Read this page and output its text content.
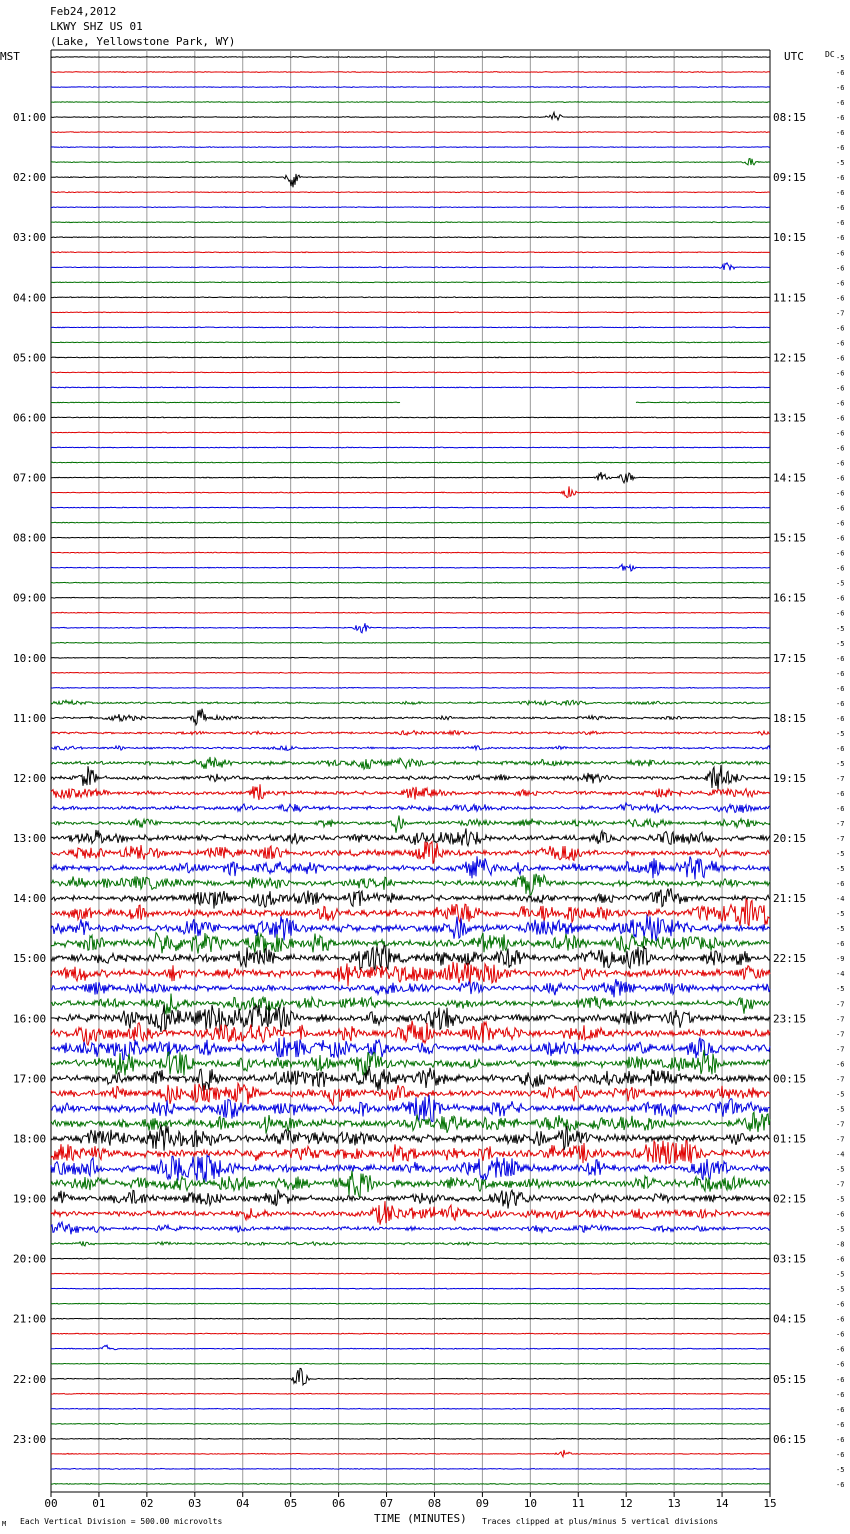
Feb24,2012
LKWY SHZ US 01
(Lake, Yellowstone Park, WY)
MST	UTC	DC
M Each Vertical Division = 500.00 microvolts	TIME (MINUTES) Traces clipped at plus/minus 5 vertical divisions
-5
-6
-6
-6
-6
-6
-6
-5
-6
-6
-6
-6
-6
-6
-6
-6
-6
-7
-6
-6
-6
-6
-6
-6
-6
-6
-6
-6
-6
-6
-6
-6
-6
-6
-6
-5
-6
-6
-5
-5
-6
-6
-6
-6
-6
-5
-6
-5
-7
-6
-6
-7
-7
-5
-5
-6
-4
-5
-5
-6
-9
-4
-5
-7
-7
-7
-7
-6
-7
-5
-5
-7
-7
-4
-5
-7
-5
-6
-5
-8
-6
-5
-5
-6
-6
-6
-6
-6
-6
-6
-6
-6
-6
-6
-5
-6
01:00	08:15
02:00	09:15
03:00	10:15
04:00	11:15
05:00	12:15
06:00	13:15
07:00	14:15
08:00	15:15
09:00	16:15
10:00	17:15
11:00	18:15
12:00	19:15
13:00	20:15
14:00	21:15
15:00	22:15
16:00	23:15
17:00	00:15
18:00	01:15
19:00	02:15
20:00	03:15
21:00	04:15
22:00	05:15
23:00	06:15
00	01	02	03	04	05	06	07	08	09	10	11	12	13	14	15
